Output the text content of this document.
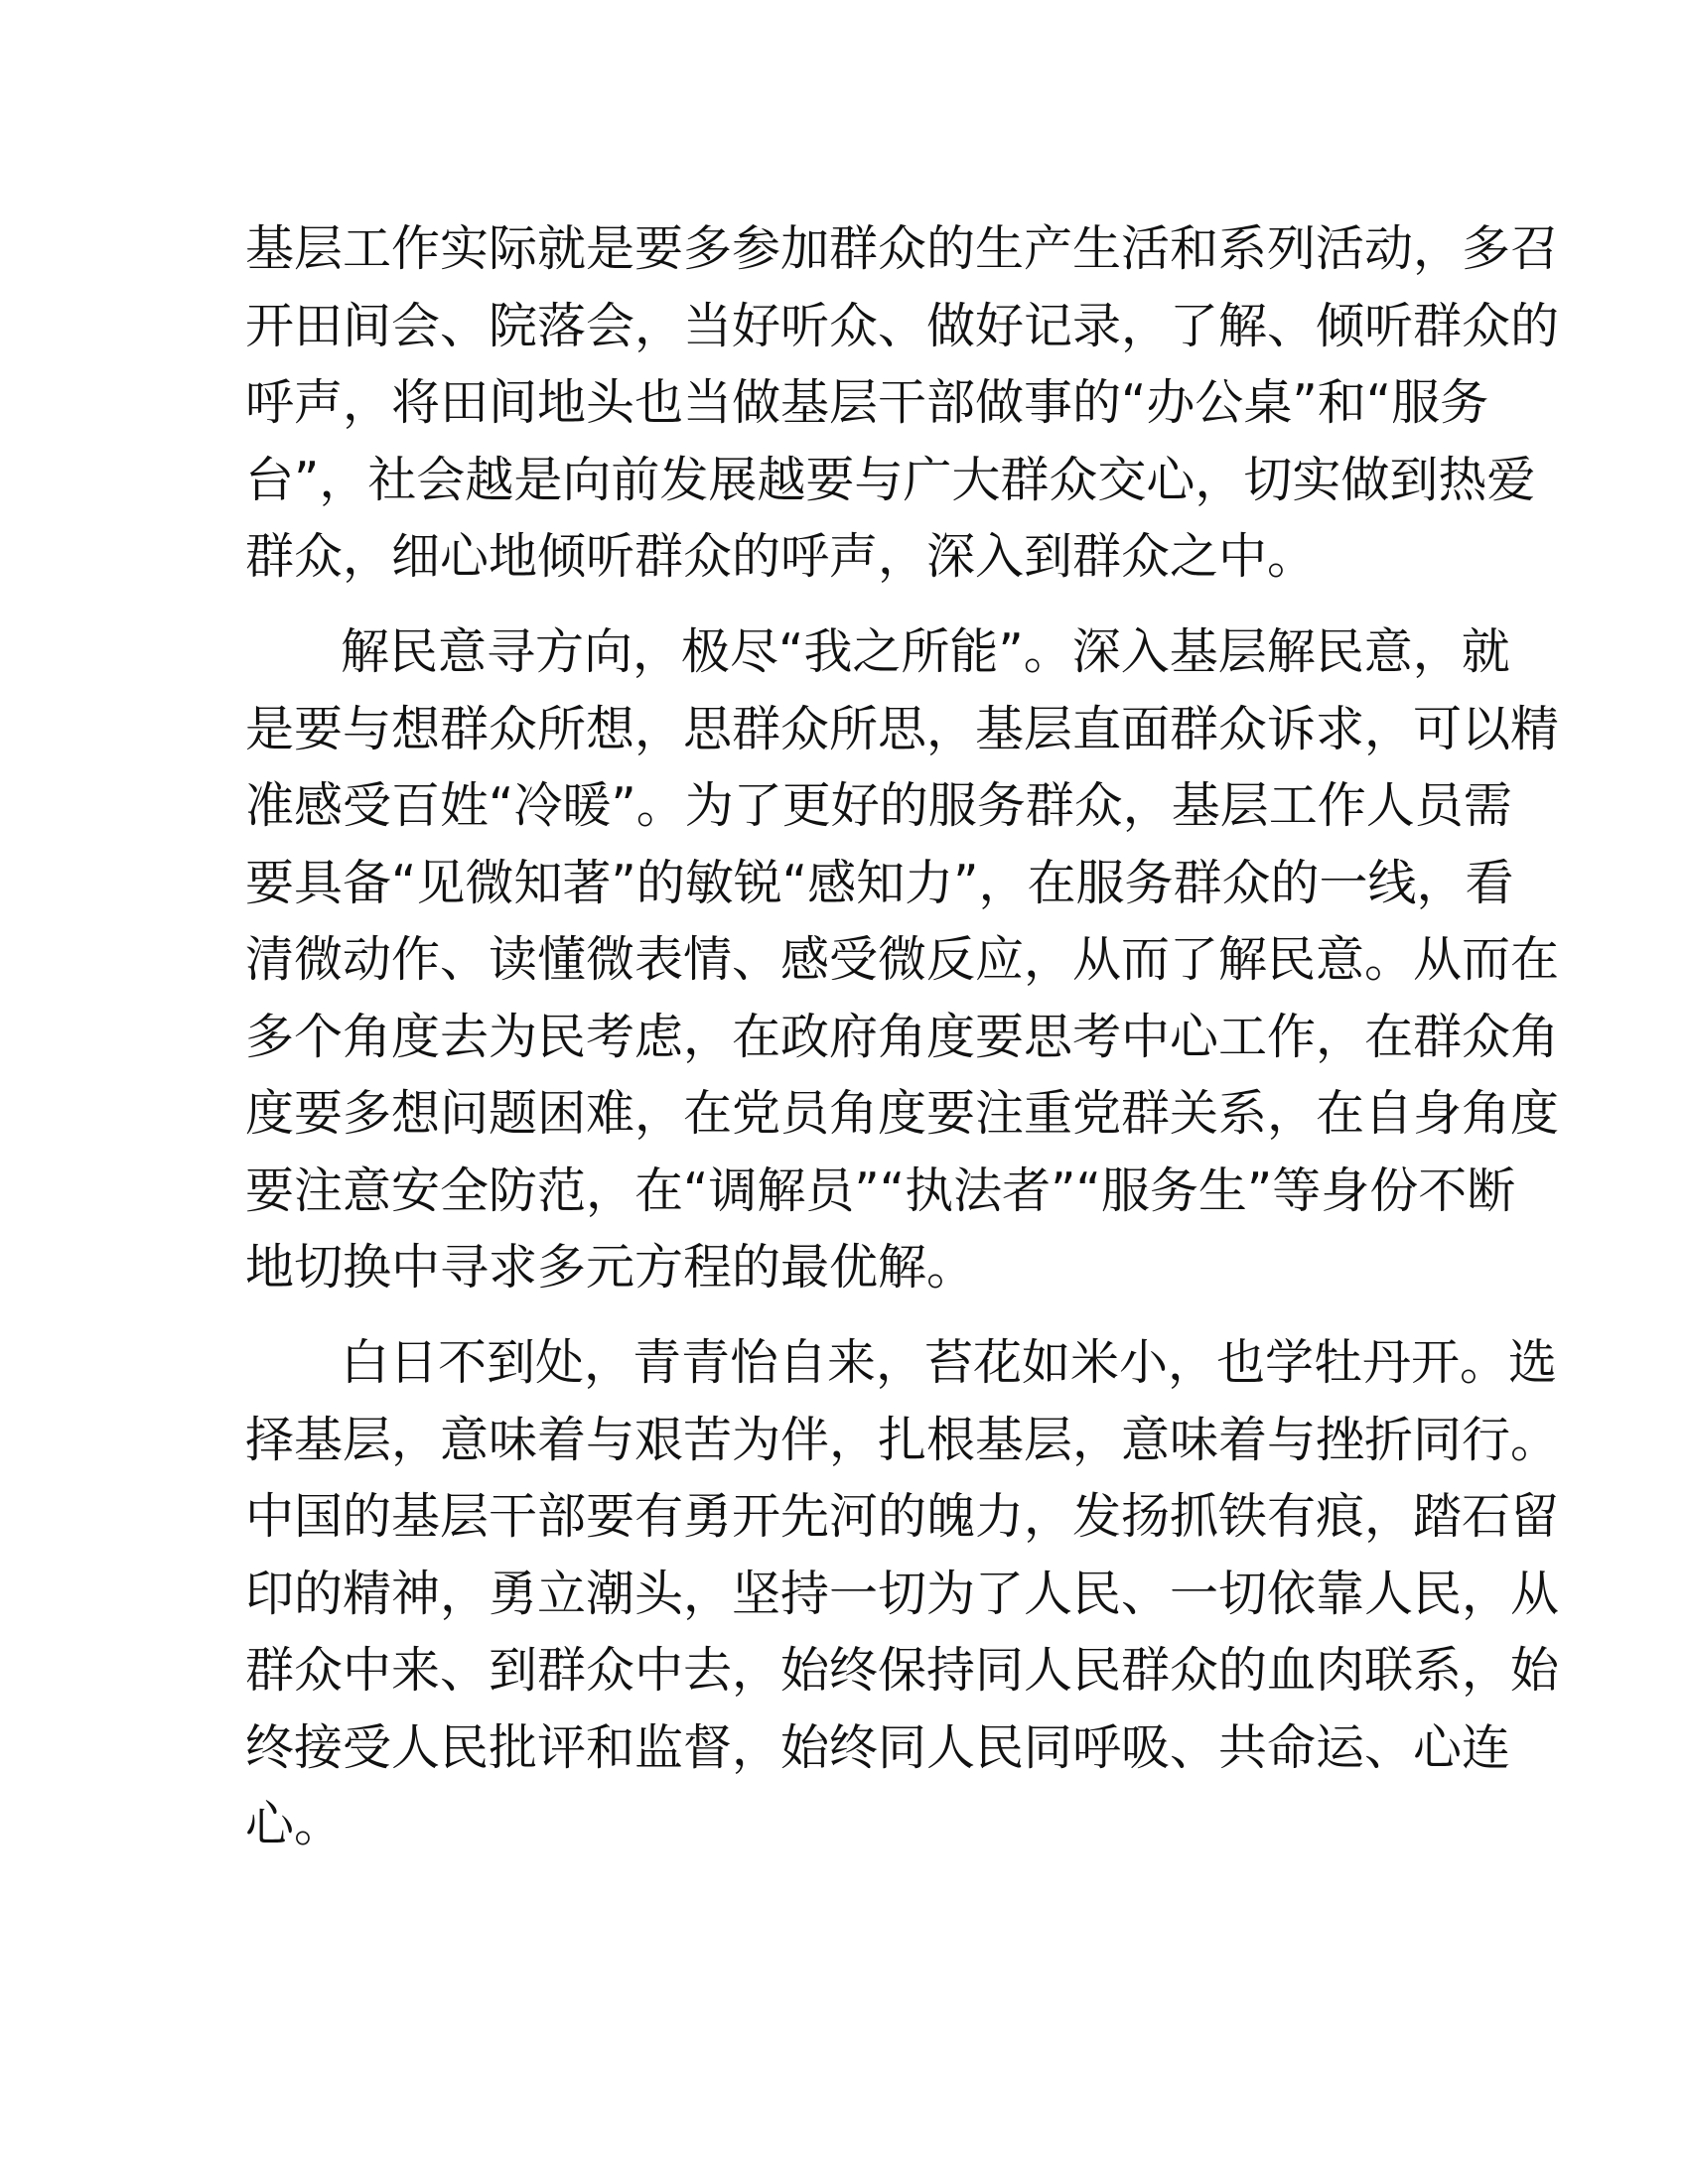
基层工作实际就是要多参加群众的生产生活和系列活动，多召
开田间会、院落会，当好听众、做好记录，了解、倾听群众的
呼声，将田间地头也当做基层干部做事的“办公桌”和“服务
台”，社会越是向前发展越要与广大群众交心，切实做到热爱
群众，细心地倾听群众的呼声，深入到群众之中。

解民意寻方向，极尽“我之所能”。深入基层解民意，就
是要与想群众所想，思群众所思，基层直面群众诉求，可以精
准感受百姓“冷暖”。为了更好的服务群众，基层工作人员需
要具备“见微知著”的敏锐“感知力”，在服务群众的一线，看
清微动作、读懂微表情、感受微反应，从而了解民意。从而在
多个角度去为民考虑，在政府角度要思考中心工作，在群众角
度要多想问题困难，在党员角度要注重党群关系，在自身角度
要注意安全防范，在“调解员”“执法者”“服务生”等身份不断
地切换中寻求多元方程的最优解。

白日不到处，青青怡自来，苔花如米小，也学牡丹开。选
择基层，意味着与艰苦为伴，扎根基层，意味着与挫折同行。
中国的基层干部要有勇开先河的魄力，发扬抓铁有痕，踏石留
印的精神，勇立潮头，坚持一切为了人民、一切依靠人民，从
群众中来、到群众中去，始终保持同人民群众的血肉联系，始
终接受人民批评和监督，始终同人民同呼吸、共命运、心连
心。
